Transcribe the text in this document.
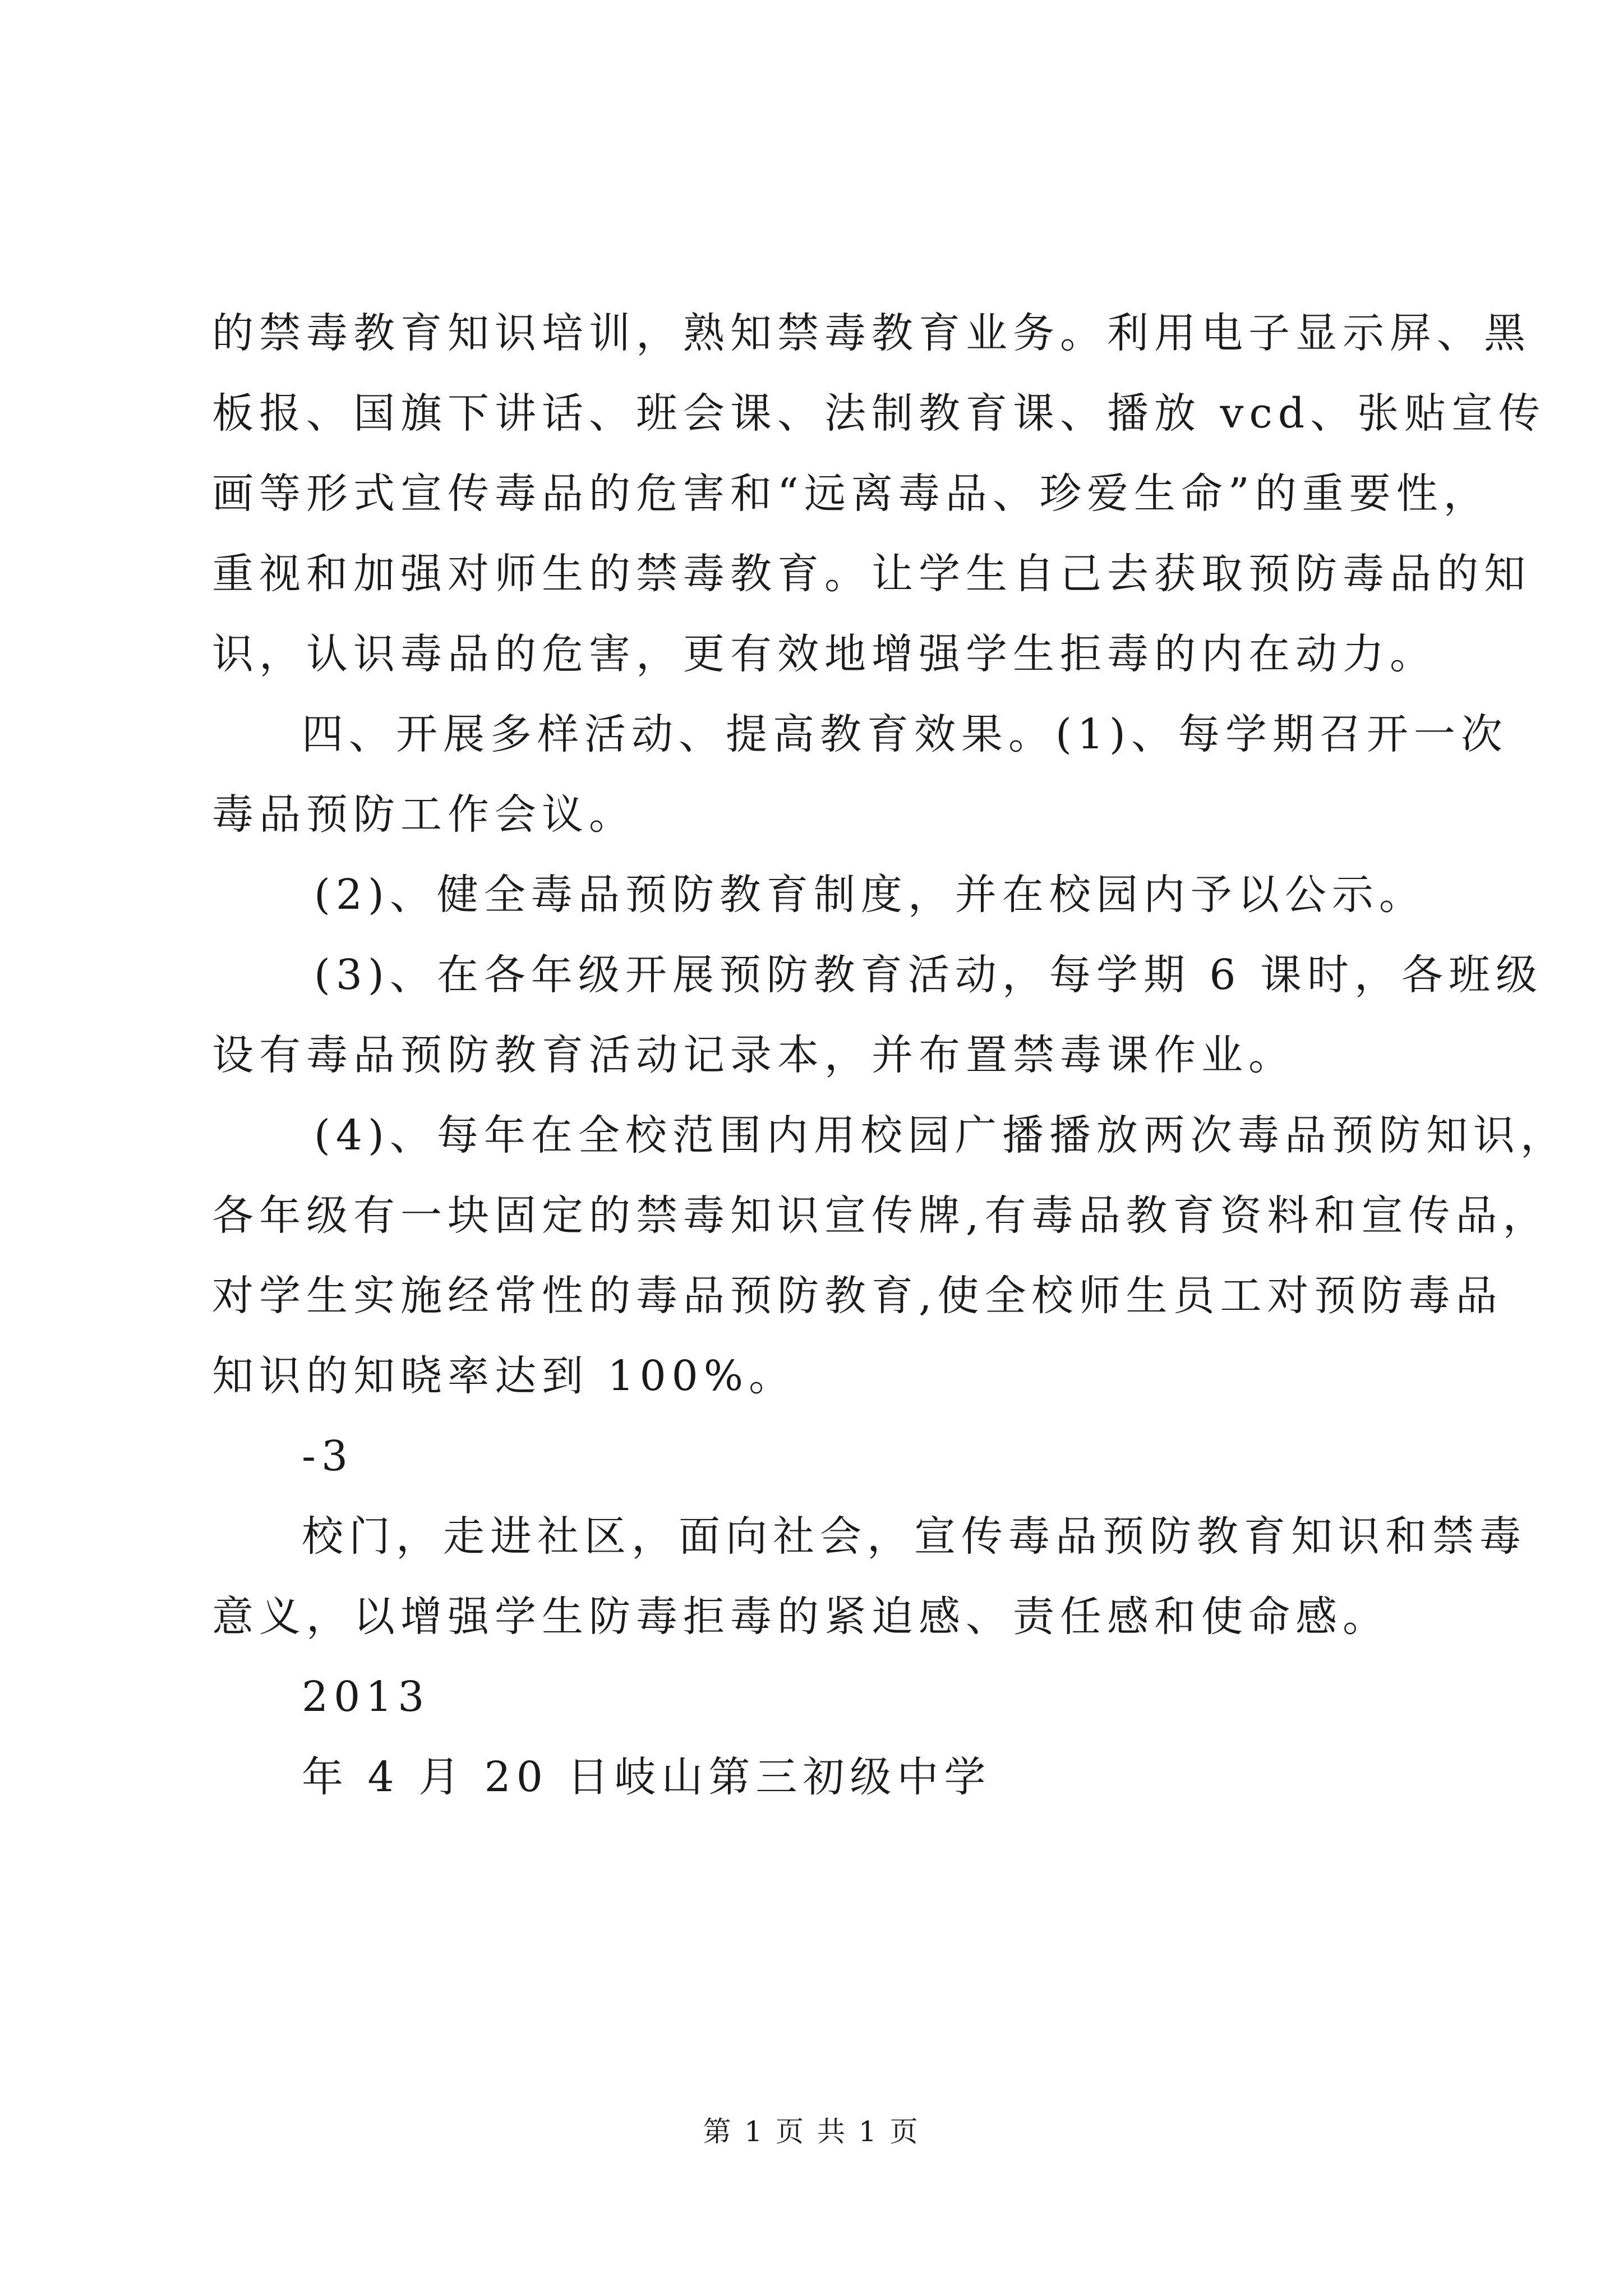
的禁毒教育知识培训，熟知禁毒教育业务。利用电子显示屏、黑
板报、国旗下讲话、班会课、法制教育课、播放 vcd、张贴宣传
画等形式宣传毒品的危害和“远离毒品、珍爱生命”的重要性，
重视和加强对师生的禁毒教育。让学生自己去获取预防毒品的知
识，认识毒品的危害，更有效地增强学生拒毒的内在动力。
四、开展多样活动、提高教育效果。(1)、每学期召开一次
毒品预防工作会议。
(2)、健全毒品预防教育制度，并在校园内予以公示。
(3)、在各年级开展预防教育活动，每学期 6 课时，各班级
设有毒品预防教育活动记录本，并布置禁毒课作业。
(4)、每年在全校范围内用校园广播播放两次毒品预防知识，
各年级有一块固定的禁毒知识宣传牌,有毒品教育资料和宣传品，
对学生实施经常性的毒品预防教育,使全校师生员工对预防毒品
知识的知晓率达到 100%。
-3
校门，走进社区，面向社会，宣传毒品预防教育知识和禁毒
意义，以增强学生防毒拒毒的紧迫感、责任感和使命感。
2013
年 4 月 20 日岐山第三初级中学
第 1 页 共 1 页
